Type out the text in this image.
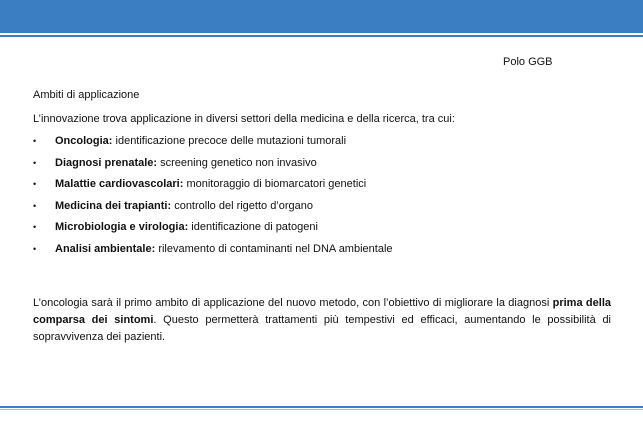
Polo GGB
Ambiti di applicazione
L’innovazione trova applicazione in diversi settori della medicina e della ricerca, tra cui:
• Oncologia: identificazione precoce delle mutazioni tumorali
• Diagnosi prenatale: screening genetico non invasivo
• Malattie cardiovascolari: monitoraggio di biomarcatori genetici
• Medicina dei trapianti: controllo del rigetto d’organo
• Microbiologia e virologia: identificazione di patogeni
• Analisi ambientale: rilevamento di contaminanti nel DNA ambientale

L’oncologia sarà il primo ambito di applicazione del nuovo metodo, con l’obiettivo di migliorare la diagnosi prima della comparsa dei sintomi. Questo permetterà trattamenti più tempestivi ed efficaci, aumentando le possibilità di sopravvivenza dei pazienti.
